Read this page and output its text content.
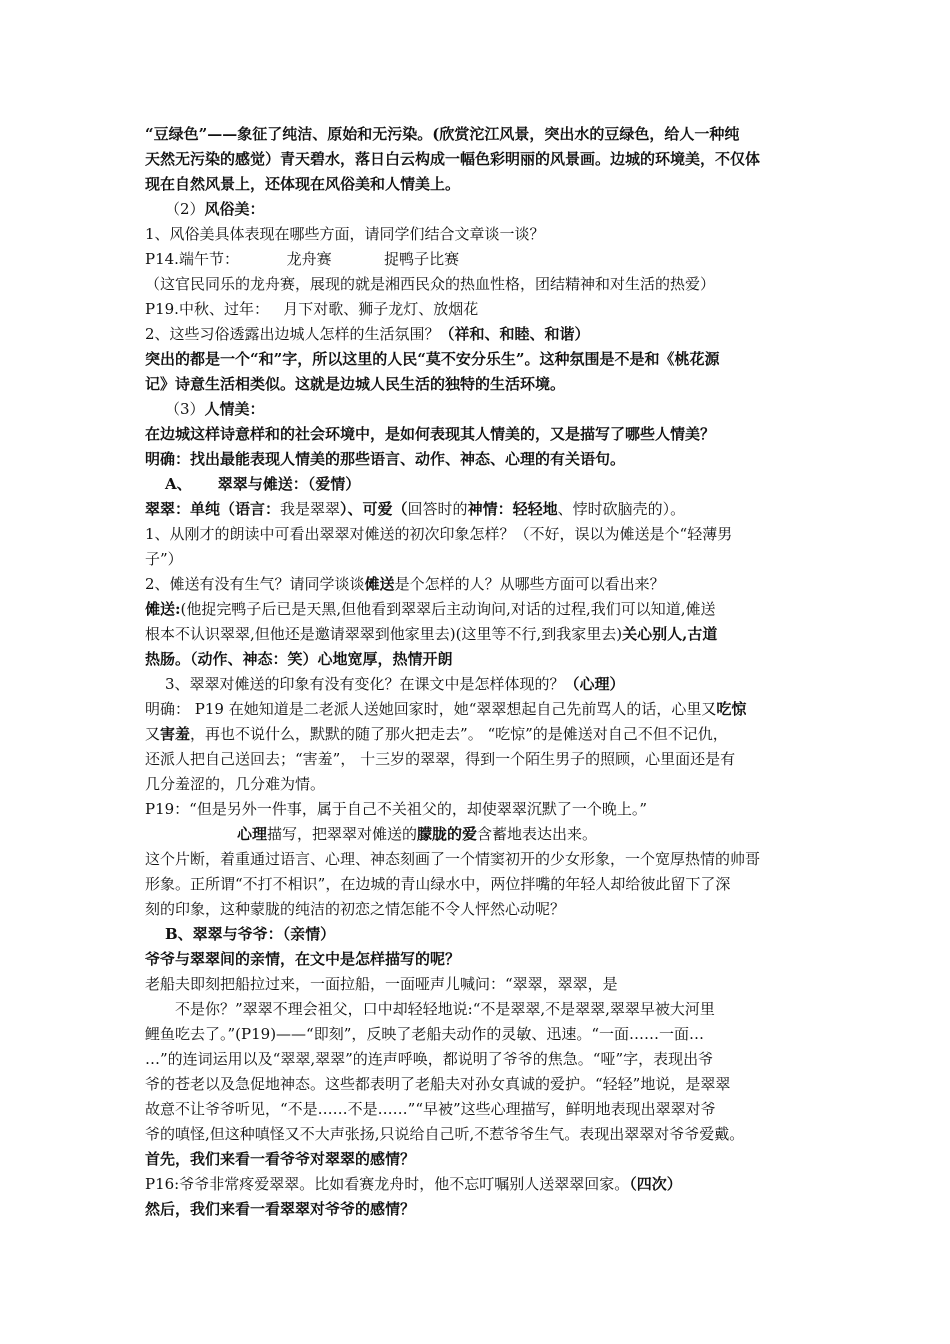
“豆绿色”——象征了纯洁、原始和无污染。(欣赏沱江风景，突出水的豆绿色，给人一种纯
天然无污染的感觉）青天碧水，落日白云构成一幅色彩明丽的风景画。边城的环境美，不仅体
现在自然风景上，还体现在风俗美和人情美上。
（2）风俗美：
1、风俗美具体表现在哪些方面，请同学们结合文章谈一谈？
P14.端午节：          龙舟赛           捉鸭子比赛
（这官民同乐的龙舟赛，展现的就是湘西民众的热血性格，团结精神和对生活的热爱）
P19.中秋、过年：   月下对歌、狮子龙灯、放烟花
2、这些习俗透露出边城人怎样的生活氛围？（祥和、和睦、和谐）
突出的都是一个“和”字，所以这里的人民“莫不安分乐生”。这种氛围是不是和《桃花源
记》诗意生活相类似。这就是边城人民生活的独特的生活环境。
（3）人情美：
在边城这样诗意样和的社会环境中，是如何表现其人情美的，又是描写了哪些人情美？
明确：找出最能表现人情美的那些语言、动作、神态、心理的有关语句。
A、     翠翠与傩送：（爱情）
翠翠：单纯（语言：我是翠翠）、可爱（回答时的神情：轻轻地、悖时砍脑壳的）。
1、从刚才的朗读中可看出翠翠对傩送的初次印象怎样？（不好，误以为傩送是个“轻薄男
子”）
2、傩送有没有生气？请同学谈谈傩送是个怎样的人？从哪些方面可以看出来？
傩送:(他捉完鸭子后已是天黑,但他看到翠翠后主动询问,对话的过程,我们可以知道,傩送
根本不认识翠翠,但他还是邀请翠翠到他家里去)(这里等不行,到我家里去)关心别人,古道
热肠。（动作、神态：笑）心地宽厚，热情开朗
3、翠翠对傩送的印象有没有变化？在课文中是怎样体现的？（心理）
明确： P19 在她知道是二老派人送她回家时，她“翠翠想起自己先前骂人的话，心里又吃惊
又害羞，再也不说什么，默默的随了那火把走去”。 “吃惊”的是傩送对自己不但不记仇，
还派人把自己送回去；“害羞”， 十三岁的翠翠，得到一个陌生男子的照顾，心里面还是有
几分羞涩的，几分难为情。
P19：“但是另外一件事，属于自己不关祖父的，却使翠翠沉默了一个晚上。”
心理描写，把翠翠对傩送的朦胧的爱含蓄地表达出来。
这个片断，着重通过语言、心理、神态刻画了一个情窦初开的少女形象，一个宽厚热情的帅哥
形象。正所谓“不打不相识”，在边城的青山绿水中，两位拌嘴的年轻人却给彼此留下了深
刻的印象，这种蒙胧的纯洁的初恋之情怎能不令人怦然心动呢？
B、翠翠与爷爷：（亲情）
爷爷与翠翠间的亲情，在文中是怎样描写的呢？
老船夫即刻把船拉过来，一面拉船，一面哑声儿喊问：“翠翠，翠翠，是
不是你？”翠翠不理会祖父，口中却轻轻地说:“不是翠翠,不是翠翠,翠翠早被大河里
鲤鱼吃去了。”(P19)——“即刻”，反映了老船夫动作的灵敏、迅速。“一面……一面…
…”的连词运用以及“翠翠,翠翠”的连声呼唤，都说明了爷爷的焦急。“哑”字，表现出爷
爷的苍老以及急促地神态。这些都表明了老船夫对孙女真诚的爱护。“轻轻”地说，是翠翠
故意不让爷爷听见，“不是……不是……”“早被”这些心理描写，鲜明地表现出翠翠对爷
爷的嗔怪,但这种嗔怪又不大声张扬,只说给自己听,不惹爷爷生气。表现出翠翠对爷爷爱戴。
首先，我们来看一看爷爷对翠翠的感情？
P16:爷爷非常疼爱翠翠。比如看赛龙舟时，他不忘叮嘱别人送翠翠回家。（四次）
然后，我们来看一看翠翠对爷爷的感情？
